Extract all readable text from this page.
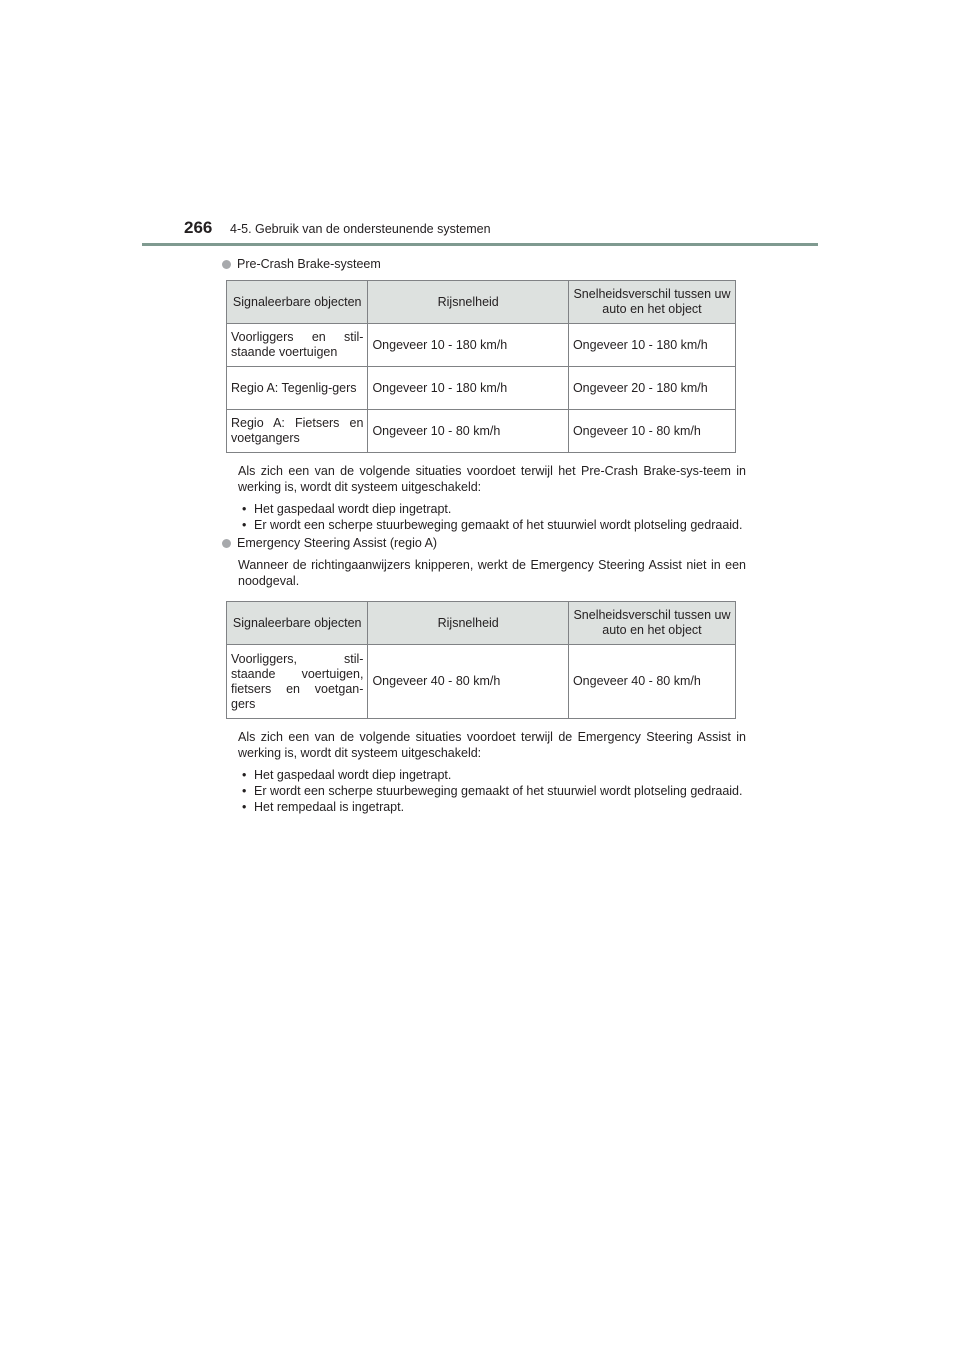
266 4-5. Gebruik van de ondersteunende systemen
Pre-Crash Brake-systeem
Signaleerbare objecten	Rijsnelheid	Snelheidsverschil tussen uw auto en het object
Voorliggers en stil-staande voertuigen	Ongeveer 10 - 180 km/h	Ongeveer 10 - 180 km/h
Regio A: Tegenlig-gers	Ongeveer 10 - 180 km/h	Ongeveer 20 - 180 km/h
Regio A: Fietsers en voetgangers	Ongeveer 10 - 80 km/h	Ongeveer 10 - 80 km/h

Als zich een van de volgende situaties voordoet terwijl het Pre-Crash Brake-sys-teem in werking is, wordt dit systeem uitgeschakeld:

• Het gaspedaal wordt diep ingetrapt.
• Er wordt een scherpe stuurbeweging gemaakt of het stuurwiel wordt plotseling gedraaid.
Emergency Steering Assist (regio A)

Wanneer de richtingaanwijzers knipperen, werkt de Emergency Steering Assist niet in een noodgeval.

Signaleerbare objecten	Rijsnelheid	Snelheidsverschil tussen uw auto en het object
Voorliggers, stil-staande voertuigen, fietsers en voetgan-gers	Ongeveer 40 - 80 km/h	Ongeveer 40 - 80 km/h

Als zich een van de volgende situaties voordoet terwijl de Emergency Steering Assist in werking is, wordt dit systeem uitgeschakeld:

• Het gaspedaal wordt diep ingetrapt.
• Er wordt een scherpe stuurbeweging gemaakt of het stuurwiel wordt plotseling gedraaid.
• Het rempedaal is ingetrapt.
